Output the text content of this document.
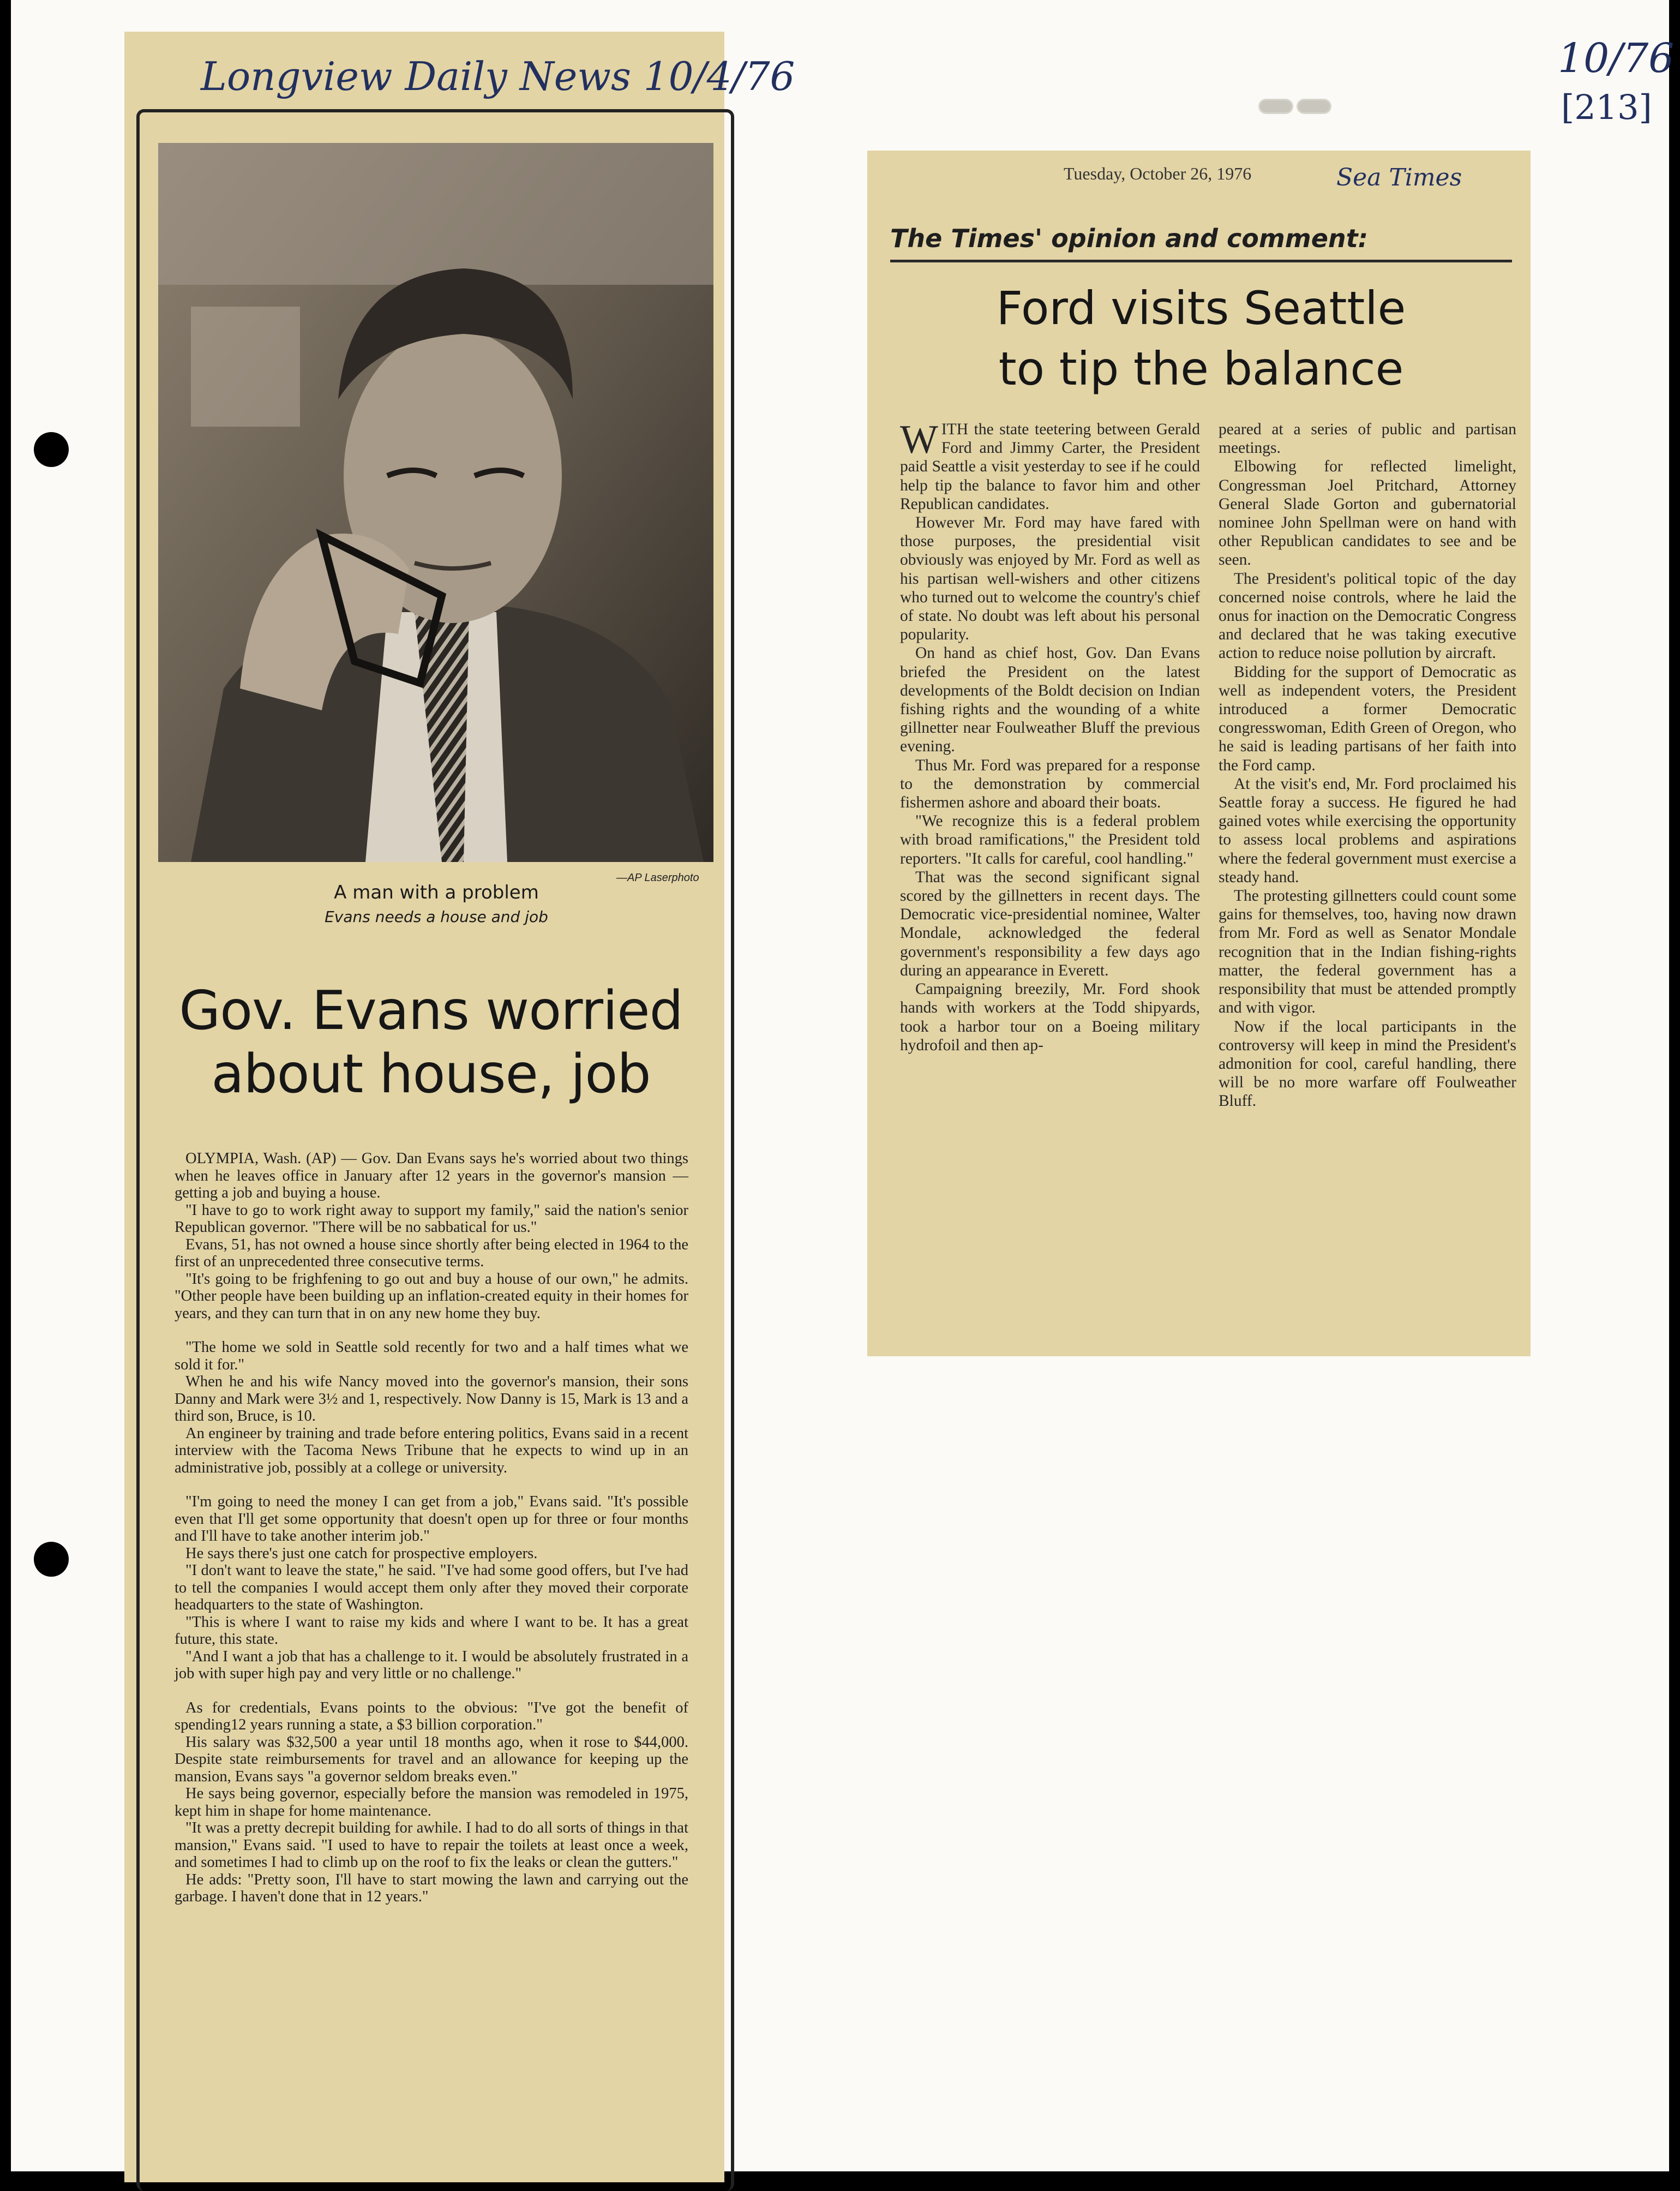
10/76
[213]
Longview Daily News 10/4/76
—AP Laserphoto
A man with a problem
Evans needs a house and job
Gov. Evans worried
about house, job

OLYMPIA, Wash. (AP) — Gov. Dan Evans says he's worried about two things when he leaves office in January after 12 years in the governor's mansion — getting a job and buying a house.

"I have to go to work right away to support my family," said the nation's senior Republican governor. "There will be no sabbatical for us."

Evans, 51, has not owned a house since shortly after being elected in 1964 to the first of an unprecedented three consecutive terms.

"It's going to be frighfening to go out and buy a house of our own," he admits. "Other people have been building up an inflation-created equity in their homes for years, and they can turn that in on any new home they buy.

"The home we sold in Seattle sold recently for two and a half times what we sold it for."

When he and his wife Nancy moved into the governor's mansion, their sons Danny and Mark were 3½ and 1, respectively. Now Danny is 15, Mark is 13 and a third son, Bruce, is 10.

An engineer by training and trade before entering politics, Evans said in a recent interview with the Tacoma News Tribune that he expects to wind up in an administrative job, possibly at a college or university.

"I'm going to need the money I can get from a job," Evans said. "It's possible even that I'll get some opportunity that doesn't open up for three or four months and I'll have to take another interim job."

He says there's just one catch for prospective employers.

"I don't want to leave the state," he said. "I've had some good offers, but I've had to tell the companies I would accept them only after they moved their corporate headquarters to the state of Washington.

"This is where I want to raise my kids and where I want to be. It has a great future, this state.

"And I want a job that has a challenge to it. I would be absolutely frustrated in a job with super high pay and very little or no challenge."

As for credentials, Evans points to the obvious: "I've got the benefit of spending12 years running a state, a $3 billion corporation."

His salary was $32,500 a year until 18 months ago, when it rose to $44,000. Despite state reimbursements for travel and an allowance for keeping up the mansion, Evans says "a governor seldom breaks even."

He says being governor, especially before the mansion was remodeled in 1975, kept him in shape for home maintenance.

"It was a pretty decrepit building for awhile. I had to do all sorts of things in that mansion," Evans said. "I used to have to repair the toilets at least once a week, and sometimes I had to climb up on the roof to fix the leaks or clean the gutters."

He adds: "Pretty soon, I'll have to start mowing the lawn and carrying out the garbage. I haven't done that in 12 years."

Tuesday, October 26, 1976	Sea Times
The Times' opinion and comment:
Ford visits Seattle
to tip the balance

WITH the state teetering between Gerald Ford and Jimmy Carter, the President paid Seattle a visit yesterday to see if he could help tip the balance to favor him and other Republican candidates.

However Mr. Ford may have fared with those purposes, the presidential visit obviously was enjoyed by Mr. Ford as well as his partisan well-wishers and other citizens who turned out to welcome the country's chief of state. No doubt was left about his personal popularity.

On hand as chief host, Gov. Dan Evans briefed the President on the latest developments of the Boldt decision on Indian fishing rights and the wounding of a white gillnetter near Foulweather Bluff the previous evening.

Thus Mr. Ford was prepared for a response to the demonstration by commercial fishermen ashore and aboard their boats.

"We recognize this is a federal problem with broad ramifications," the President told reporters. "It calls for careful, cool handling."

That was the second significant signal scored by the gillnetters in recent days. The Democratic vice-presidential nominee, Walter Mondale, acknowledged the federal government's responsibility a few days ago during an appearance in Everett.

Campaigning breezily, Mr. Ford shook hands with workers at the Todd shipyards, took a harbor tour on a Boeing military hydrofoil and then ap-

peared at a series of public and partisan meetings.

Elbowing for reflected limelight, Congressman Joel Pritchard, Attorney General Slade Gorton and gubernatorial nominee John Spellman were on hand with other Republican candidates to see and be seen.

The President's political topic of the day concerned noise controls, where he laid the onus for inaction on the Democratic Congress and declared that he was taking executive action to reduce noise pollution by aircraft.

Bidding for the support of Democratic as well as independent voters, the President introduced a former Democratic congresswoman, Edith Green of Oregon, who he said is leading partisans of her faith into the Ford camp.

At the visit's end, Mr. Ford proclaimed his Seattle foray a success. He figured he had gained votes while exercising the opportunity to assess local problems and aspirations where the federal government must exercise a steady hand.

The protesting gillnetters could count some gains for themselves, too, having now drawn from Mr. Ford as well as Senator Mondale recognition that in the Indian fishing-rights matter, the federal government has a responsibility that must be attended promptly and with vigor.

Now if the local participants in the controversy will keep in mind the President's admonition for cool, careful handling, there will be no more warfare off Foulweather Bluff.
